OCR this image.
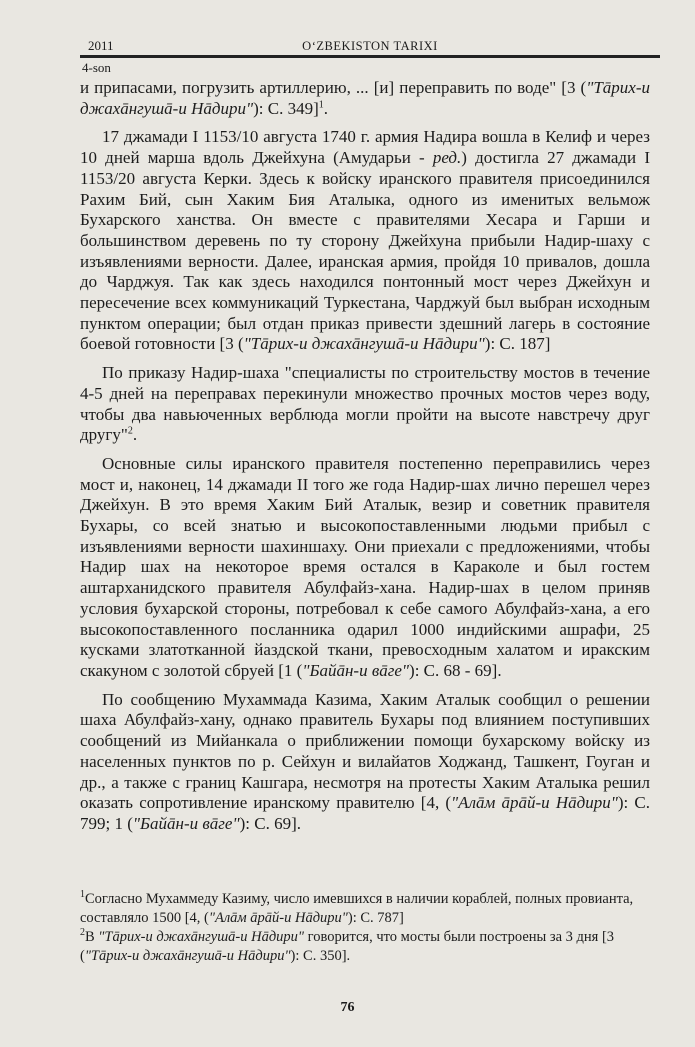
2011	O‘ZBEKISTON TARIXI
4-son

и припасами, погрузить артиллерию, ... [и] переправить по воде" [3 ("Тāрих-и джахāнгушā-и Нāдири"): С. 349]$^1$.

17 джамади I 1153/10 августа 1740 г. армия Надира вошла в Келиф и через 10 дней марша вдоль Джейхуна (Амударьи - ред.) достигла 27 джамади I 1153/20 августа Керки. Здесь к войску иранского правителя присоединился Рахим Бий, сын Хаким Бия Аталыка, одного из именитых вельмож Бухарского ханства. Он вместе с правителями Хесара и Гарши и большинством деревень по ту сторону Джейхуна прибыли Надир-шаху с изъявлениями верности. Далее, иранская армия, пройдя 10 привалов, дошла до Чарджуя. Так как здесь находился понтонный мост через Джейхун и пересечение всех коммуникаций Туркестана, Чарджуй был выбран исходным пунктом операции; был отдан приказ привести здешний лагерь в состояние боевой готовности [3 ("Тāрих-и джахāнгушā-и Нāдири"): С. 187]

По приказу Надир-шаха "специалисты по строительству мостов в течение 4-5 дней на переправах перекинули множество прочных мостов через воду, чтобы два навьюченных верблюда могли пройти на высоте навстречу друг другу"$^2$.

Основные силы иранского правителя постепенно переправились через мост и, наконец, 14 джамади II того же года Надир-шах лично перешел через Джейхун. В это время Хаким Бий Аталык, везир и советник правителя Бухары, со всей знатью и высокопоставленными людьми прибыл с изъявлениями верности шахиншаху. Они приехали с предложениями, чтобы Надир шах на некоторое время остался в Караколе и был гостем аштарханидского правителя Абулфайз-хана. Надир-шах в целом приняв условия бухарской стороны, потребовал к себе самого Абулфайз-хана, а его высокопоставленного посланника одарил 1000 индийскими ашрафи, 25 кусками златотканной йаздской ткани, превосходным халатом и иракским скакуном с золотой сбруей [1 ("Байāн-и вāге"): С. 68 - 69].

По сообщению Мухаммада Казима, Хаким Аталык сообщил о решении шаха Абулфайз-хану, однако правитель Бухары под влиянием поступивших сообщений из Мийанкала о приближении помощи бухарскому войску из населенных пунктов по р. Сейхун и вилайатов Ходжанд, Ташкент, Гоуган и др., а также с границ Кашгара, несмотря на протесты Хаким Аталыка решил оказать сопротивление иранскому правителю [4, ("Алāм āрāй-и Нāдири"): С. 799; 1 ("Байāн-и вāге"): С. 69].

$^1$Согласно Мухаммеду Казиму, число имевшихся в наличии кораблей, полных провианта, составляло 1500 [4, ("Алāм āрāй-и Нāдири"): С. 787]

$^2$В "Тāрих-и джахāнгушā-и Нāдири" говорится, что мосты были построены за 3 дня [3 ("Тāрих-и джахāнгушā-и Нāдири"): С. 350].

76
